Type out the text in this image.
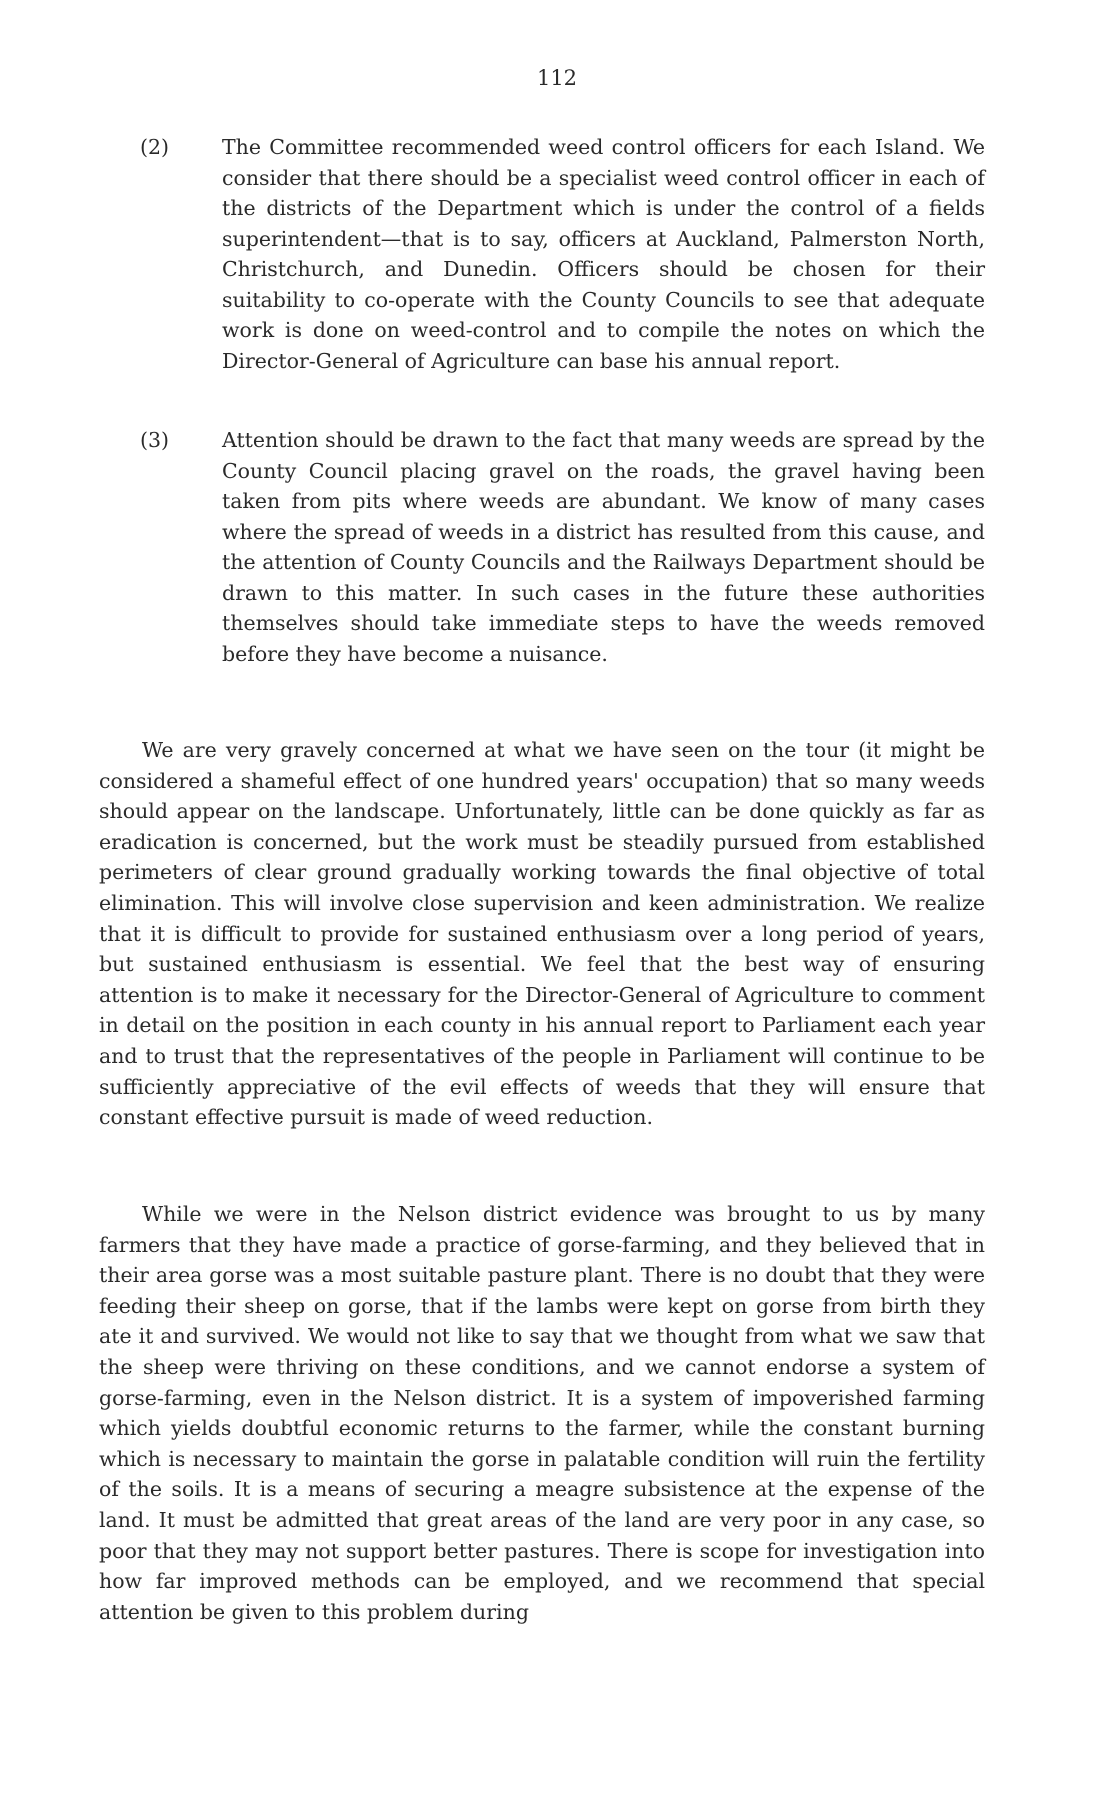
112
(2)	The Committee recommended weed control officers for each Island. We consider that there should be a specialist weed control officer in each of the districts of the Department which is under the control of a fields superintendent—that is to say, officers at Auckland, Palmerston North, Christchurch, and Dunedin. Officers should be chosen for their suitability to co-operate with the County Councils to see that adequate work is done on weed-control and to compile the notes on which the Director-General of Agriculture can base his annual report.
(3)	Attention should be drawn to the fact that many weeds are spread by the County Council placing gravel on the roads, the gravel having been taken from pits where weeds are abundant. We know of many cases where the spread of weeds in a district has resulted from this cause, and the attention of County Councils and the Railways Department should be drawn to this matter. In such cases in the future these authorities themselves should take immediate steps to have the weeds removed before they have become a nuisance.

We are very gravely concerned at what we have seen on the tour (it might be considered a shameful effect of one hundred years' occupation) that so many weeds should appear on the landscape. Unfortunately, little can be done quickly as far as eradication is concerned, but the work must be steadily pursued from established perimeters of clear ground gradually working towards the final objective of total elimination. This will involve close supervision and keen administration. We realize that it is difficult to provide for sustained enthusiasm over a long period of years, but sustained enthusiasm is essential. We feel that the best way of ensuring attention is to make it necessary for the Director-General of Agriculture to comment in detail on the position in each county in his annual report to Parliament each year and to trust that the representatives of the people in Parliament will continue to be sufficiently appreciative of the evil effects of weeds that they will ensure that constant effective pursuit is made of weed reduction.

While we were in the Nelson district evidence was brought to us by many farmers that they have made a practice of gorse-farming, and they believed that in their area gorse was a most suitable pasture plant. There is no doubt that they were feeding their sheep on gorse, that if the lambs were kept on gorse from birth they ate it and survived. We would not like to say that we thought from what we saw that the sheep were thriving on these conditions, and we cannot endorse a system of gorse-farming, even in the Nelson district. It is a system of impoverished farming which yields doubtful economic returns to the farmer, while the constant burning which is necessary to maintain the gorse in palatable condition will ruin the fertility of the soils. It is a means of securing a meagre subsistence at the expense of the land. It must be admitted that great areas of the land are very poor in any case, so poor that they may not support better pastures. There is scope for investigation into how far improved methods can be employed, and we recommend that special attention be given to this problem during
